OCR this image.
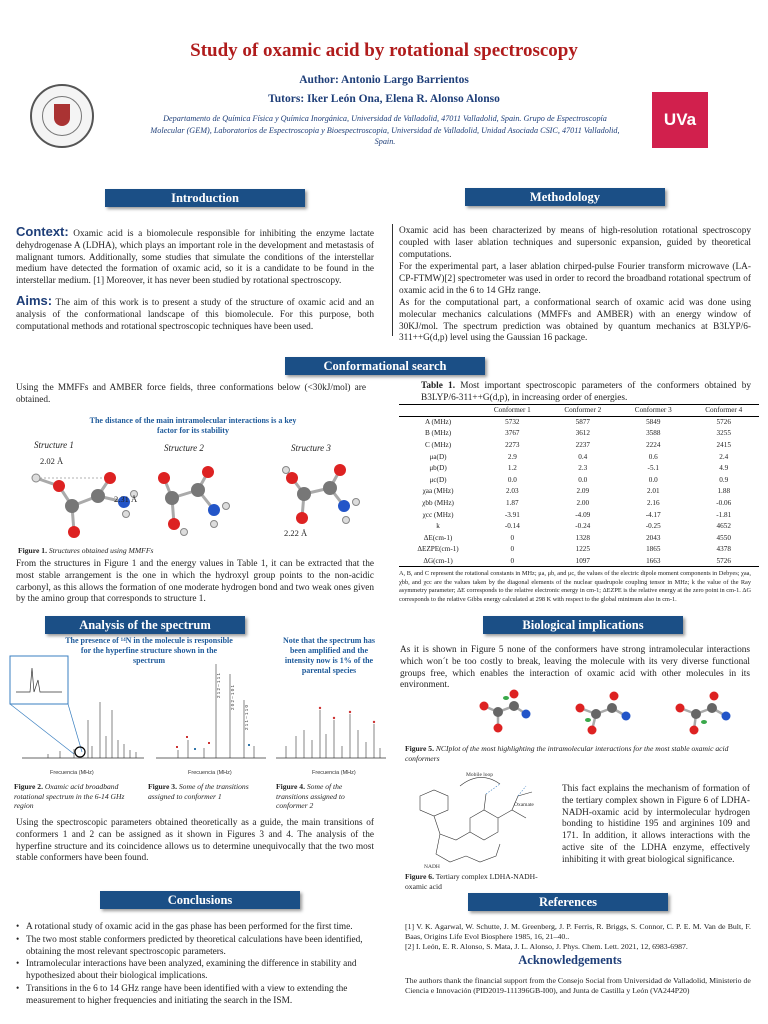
Study of oxamic acid by rotational spectroscopy
Author: Antonio Largo Barrientos
Tutors: Iker León Ona, Elena R. Alonso Alonso
Departamento de Química Física y Química Inorgánica, Universidad de Valladolid, 47011 Valladolid, Spain. Grupo de Espectroscopía Molecular (GEM), Laboratorios de Espectroscopia y Bioespectroscopia, Universidad de Valladolid, Unidad Asociada CSIC, 47011 Valladolid, Spain.
UVa
Introduction
Context: Oxamic acid is a biomolecule responsible for inhibiting the enzyme lactate dehydrogenase A (LDHA), which plays an important role in the development and metastasis of malignant tumors. Additionally, some studies that simulate the conditions of the interstellar medium have detected the formation of oxamic acid, so it is a candidate to be found in the interstellar medium. [1] Moreover, it has never been studied by rotational spectroscopy.
Aims: The aim of this work is to present a study of the structure of oxamic acid and an analysis of the conformational landscape of this biomolecule. For this purpose, both computational methods and rotational spectroscopic techniques have been used.
Methodology
Oxamic acid has been characterized by means of high-resolution rotational spectroscopy coupled with laser ablation techniques and supersonic expansion, guided by theoretical computations.
For the experimental part, a laser ablation chirped-pulse Fourier transform microwave (LA-CP-FTMW)[2] spectrometer was used in order to record the broadband rotational spectrum of oxamic acid in the 6 to 14 GHz range.
As for the computational part, a conformational search of oxamic acid was done using molecular mechanics calculations (MMFFs and AMBER) with an energy window of 30KJ/mol. The spectrum prediction was obtained by quantum mechanics at B3LYP/6-311++G(d,p) level using the Gaussian 16 package.
Conformational search
Using the MMFFs and AMBER force fields, three conformations below (<30kJ/mol) are obtained.
The distance of the main intramolecular interactions is a key factor for its stability
Structure 1	Structure 2	Structure 3
2.02 Å
2.31 Å
2.22 Å
Figure 1. Structures obtained using MMFFs
From the structures in Figure 1 and the energy values in Table 1, it can be extracted that the most stable arrangement is the one in which the hydroxyl group points to the non-acidic carbonyl, as this allows the formation of one moderate hydrogen bond and two weak ones given by the amino group that corresponds to structure 1.
Table 1. Most important spectroscopic parameters of the conformers obtained by B3LYP/6-311++G(d,p), in increasing order of energies.
	Conformer 1	Conformer 2	Conformer 3	Conformer 4
A (MHz)	5732	5877	5849	5726
B (MHz)	3767	3612	3588	3255
C (MHz)	2273	2237	2224	2415
μa(D)	2.9	0.4	0.6	2.4
μb(D)	1.2	2.3	-5.1	4.9
μc(D)	0.0	0.0	0.0	0.9
χaa (MHz)	2.03	2.09	2.01	1.88
χbb (MHz)	1.87	2.00	2.16	-0.06
χcc (MHz)	-3.91	-4.09	-4.17	-1.81
k	-0.14	-0.24	-0.25	4652
ΔE(cm-1)	0	1328	2043	4550
ΔEZPE(cm-1)	0	1225	1865	4378
ΔG(cm-1)	0	1097	1663	5726
A, B, and C represent the rotational constants in MHz; μa, μb, and μc, the values of the electric dipole moment components in Debyes; χaa, χbb, and χcc are the values taken by the diagonal elements of the nuclear quadrupole coupling tensor in MHz; k the value of the Ray asymmetry parameter; ΔE corresponds to the relative electronic energy in cm-1; ΔEZPE is the relative energy at the zero point in cm-1. ΔG corresponds to the relative Gibbs energy calculated at 298 K with respect to the global minimum also in cm-1.
Analysis of the spectrum
The presence of ¹⁴N in the molecule is responsible for the hyperfine structure shown in the spectrum
Note that the spectrum has been amplified and the intensity now is 1% of the parental species
Frecuencia (MHz)
2 1 2 – 1 1 1 2 0 2 – 1 0 1
2 1 1 – 1 1 0
Frecuencia (MHz)	Frecuencia (MHz)
Figure 2. Oxamic acid broadband rotational spectrum in the 6-14 GHz region
Figure 3. Some of the transitions assigned to conformer 1
Figure 4. Some of the transitions assigned to conformer 2
Using the spectroscopic parameters obtained theoretically as a guide, the main transitions of conformers 1 and 2 can be assigned as it shown in Figures 3 and 4. The analysis of the hyperfine structure and its coincidence allows us to determine unequivocally that the two most stable conformers have been found.
Biological implications
As it is shown in Figure 5 none of the conformers have strong intramolecular interactions which won´t be too costly to break, leaving the molecule with its very diverse functional groups free, which enables the interaction of oxamic acid with other molecules in its environment.
Figure 5. NCIplot of the most highlighting the intramolecular interactions for the most stable oxamic acid conformers
Mobile loop
Oxamate
NADH
This fact explains the mechanism of formation of the tertiary complex shown in Figure 6 of LDHA-NADH-oxamic acid by intermolecular hydrogen bonding to histidine 195 and arginines 109 and 171. In addition, it allows interactions with the active site of the LDHA enzyme, effectively inhibiting it with great biological significance.
Figure 6. Tertiary complex LDHA-NADH-oxamic acid
Conclusions
• A rotational study of oxamic acid in the gas phase has been performed for the first time.
• The two most stable conformers predicted by theoretical calculations have been identified, obtaining the most relevant spectroscopic parameters.
• Intramolecular interactions have been analyzed, examining the difference in stability and hypothesized about their biological implications.
• Transitions in the 6 to 14 GHz range have been identified with a view to extending the measurement to higher frequencies and initiating the search in the ISM.
References
[1] V. K. Agarwal, W. Schutte, J. M. Greenberg, J. P. Ferris, R. Briggs, S. Connor, C. P. E. M. Van de Bult, F. Baas, Origins Life Evol Biosphere 1985, 16, 21–40..
[2] I. León, E. R. Alonso, S. Mata, J. L. Alonso, J. Phys. Chem. Lett. 2021, 12, 6983-6987.
Acknowledgements
The authors thank the financial support from the Consejo Social from Universidad de Valladolid, Ministerio de Ciencia e Innovación (PID2019-111396GB-I00), and Junta de Castilla y León (VA244P20)
